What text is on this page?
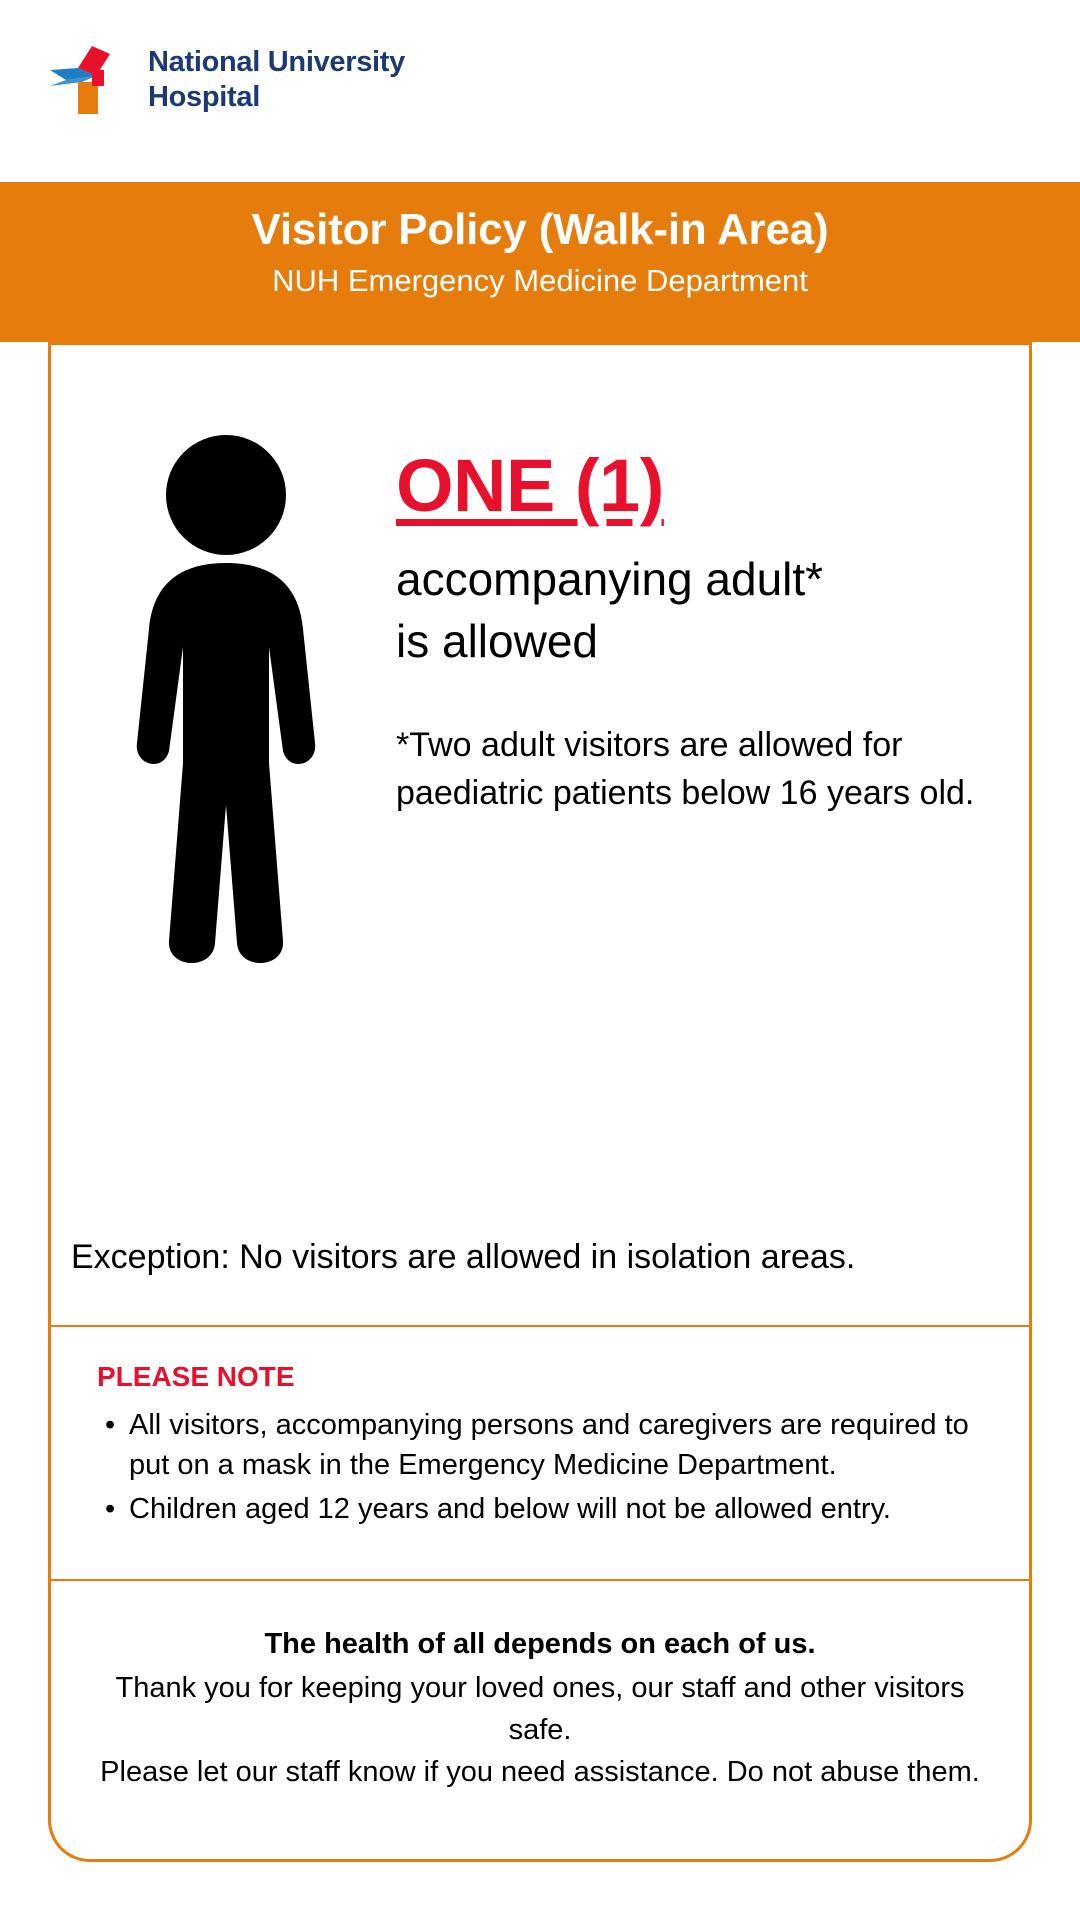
National University
Hospital
Visitor Policy (Walk-in Area)
NUH Emergency Medicine Department
ONE (1)
accompanying adult*
is allowed
*Two adult visitors are allowed for paediatric patients below 16 years old.
Exception: No visitors are allowed in isolation areas.
PLEASE NOTE
• All visitors, accompanying persons and caregivers are required to put on a mask in the Emergency Medicine Department.
• Children aged 12 years and below will not be allowed entry.
The health of all depends on each of us.
Thank you for keeping your loved ones, our staff and other visitors safe.
Please let our staff know if you need assistance. Do not abuse them.
